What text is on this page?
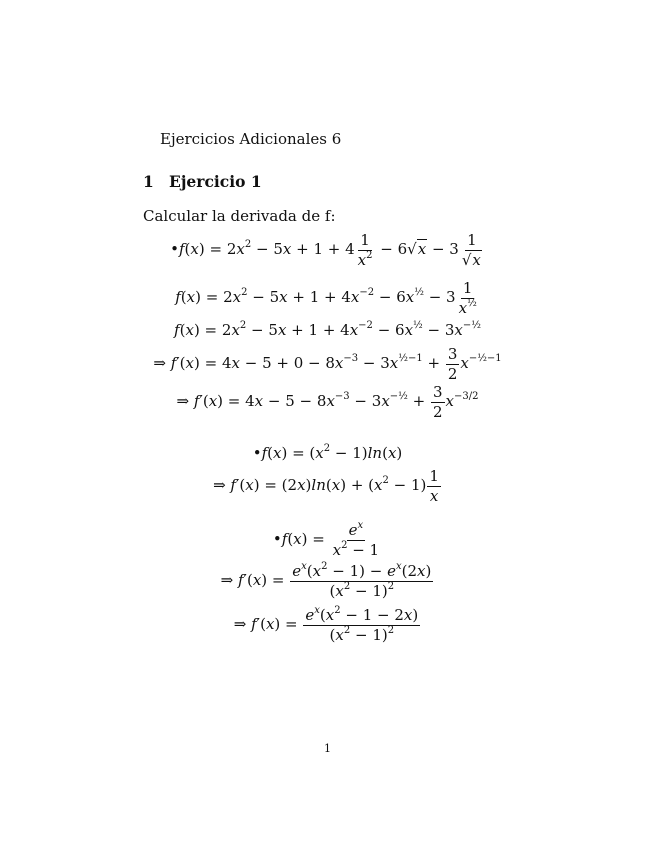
Ejercicios Adicionales 6
1 Ejercicio 1
Calcular la derivada de f:
•f(x) = $2x^2 - 5x + 1 + 4 \frac{1}{x^2} - 6√x - 3 \frac{1}{√x}$
$f(x) = 2x^2 - 5x + 1 + 4x^{-2} - 6x^{\frac{1}{2}} - 3 \frac{1}{x^{\frac{1}{2}}}$
$f(x) = 2x^2 - 5x + 1 + 4x^{-2} - 6x^{\frac{1}{2}} - 3x^{-\frac{1}{2}}$
⇒ $f'(x) = 4x - 5 + 0 - 8x^{-3} - 3x^{\frac{1}{2}-1} + \frac{3}{2} x^{-\frac{1}{2}-1}$
⇒ $f'(x) = 4x - 5 - 8x^{-3} - 3x^{-\frac{1}{2}} + \frac{3}{2} x^{-3/2}$
•f(x) = $(x^2 - 1)\ln(x)$
⇒ $f'(x) = (2x)\ln(x) + (x^2 - 1) \frac{1}{x}$
•f(x) = $\frac{e^x}{x^2 - 1}$
⇒ $f'(x) = \frac{e^x(x^2 - 1) - e^x(2x)}{(x^2 - 1)^2}$
⇒ $f'(x) = \frac{e^x(x^2 - 1 - 2x)}{(x^2 - 1)^2}$
1
